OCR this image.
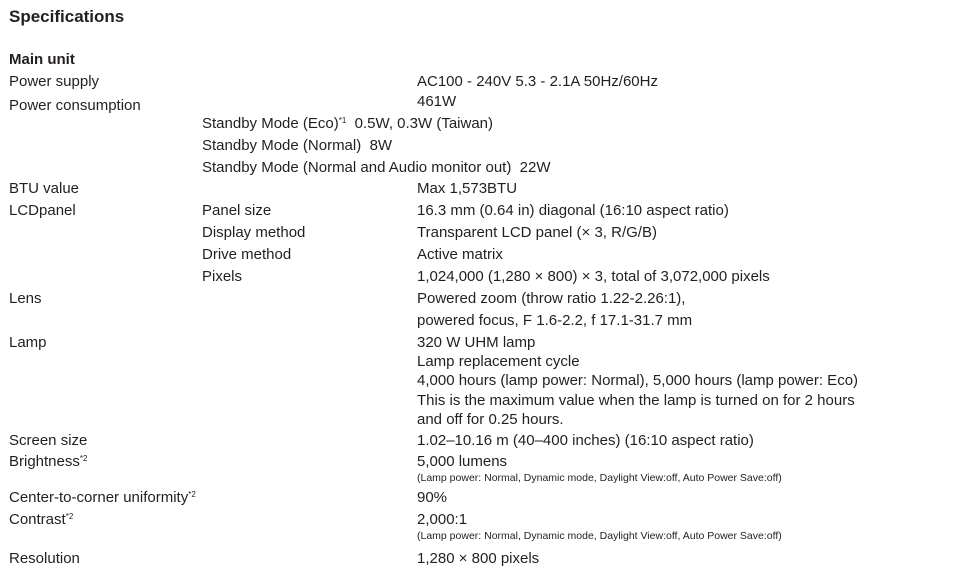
Specifications
Main unit
Power supply	AC100 - 240V 5.3 - 2.1A 50Hz/60Hz
Power consumption	461W
Standby Mode (Eco)$^{*1}$  0.5W, 0.3W (Taiwan)
Standby Mode (Normal)  8W
Standby Mode (Normal and Audio monitor out)  22W
BTU value	Max 1,573BTU
LCDpanel	Panel size	16.3 mm (0.64 in) diagonal (16:10 aspect ratio)
Display method	Transparent LCD panel (× 3, R/G/B)
Drive method	Active matrix
Pixels	1,024,000 (1,280 × 800) × 3, total of 3,072,000 pixels
Lens	Powered zoom (throw ratio 1.22-2.26:1),
powered focus, F 1.6-2.2, f 17.1-31.7 mm
Lamp	320 W UHM lamp
Lamp replacement cycle
4,000 hours (lamp power: Normal), 5,000 hours (lamp power: Eco)
This is the maximum value when the lamp is turned on for 2 hours
and off for 0.25 hours.
Screen size	1.02–10.16 m (40–400 inches) (16:10 aspect ratio)
Brightness$^{*2}$	5,000 lumens
(Lamp power: Normal, Dynamic mode, Daylight View:off, Auto Power Save:off)
Center-to-corner uniformity$^{*2}$	90%
Contrast$^{*2}$	2,000:1
(Lamp power: Normal, Dynamic mode, Daylight View:off, Auto Power Save:off)
Resolution	1,280 × 800 pixels
